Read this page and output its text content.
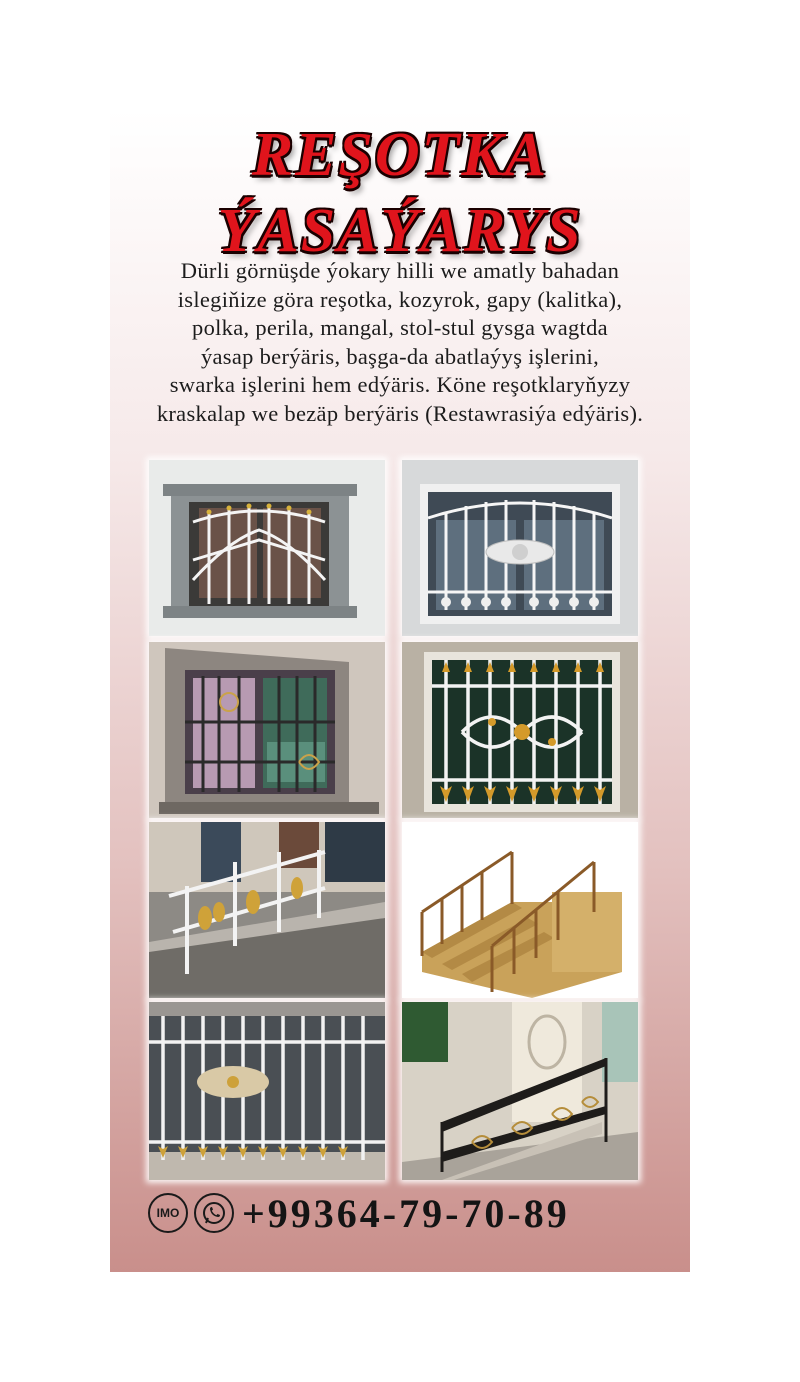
REŞOTKA
ÝASAÝARYS
Dürli görnüşde ýokary hilli we amatly bahadan
islegiňize göra reşotka, kozyrok, gapy (kalitka),
polka, perila, mangal, stol-stul gysga wagtda
ýasap berýäris, başga-da abatlaýyş işlerini,
swarka işlerini hem edýäris. Köne reşotklaryňyzy
kraskalap we bezäp berýäris (Restawrasiýa edýäris).
IMO +99364-79-70-89
